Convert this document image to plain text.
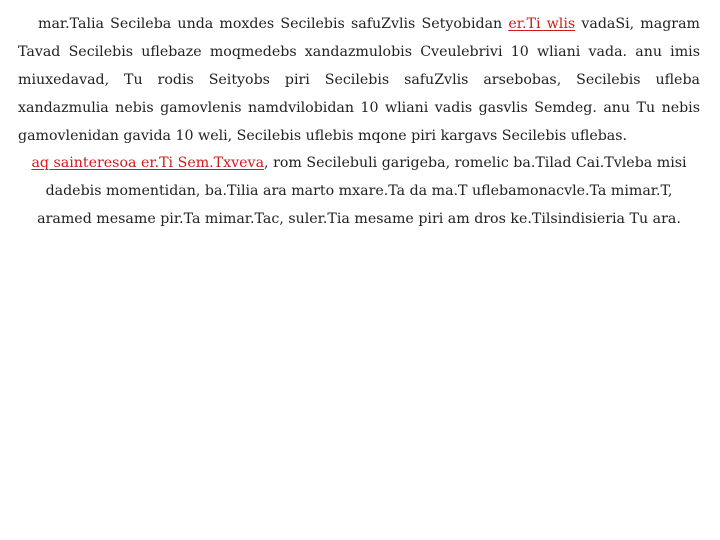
mar.Talia Secileba unda moxdes Secilebis safuZvlis Setyobidan er.Ti wlis vadaSi, magram Tavad Secilebis uflebaze moqmedebs xandazmulobis Cveulebrivi 10 wliani vada. anu imis miuxedavad, Tu rodis Seityobs piri Secilebis safuZvlis arsebobas, Secilebis ufleba xandazmulia nebis gamovlenis namdvilobidan 10 wliani vadis gasvlis Semdeg. anu Tu nebis gamovlenidan gavida 10 weli, Secilebis uflebis mqone piri kargavs Secilebis uflebas.

aq sainteresoa er.Ti Sem.Txveva, rom Secilebuli garigeba, romelic ba.Tilad Cai.Tvleba misi dadebis momentidan, ba.Tilia ara marto mxare.Ta da ma.T uflebamonacvle.Ta mimar.T, aramed mesame pir.Ta mimar.Tac, suler.Tia mesame piri am dros ke.Tilsindisieria Tu ara.
